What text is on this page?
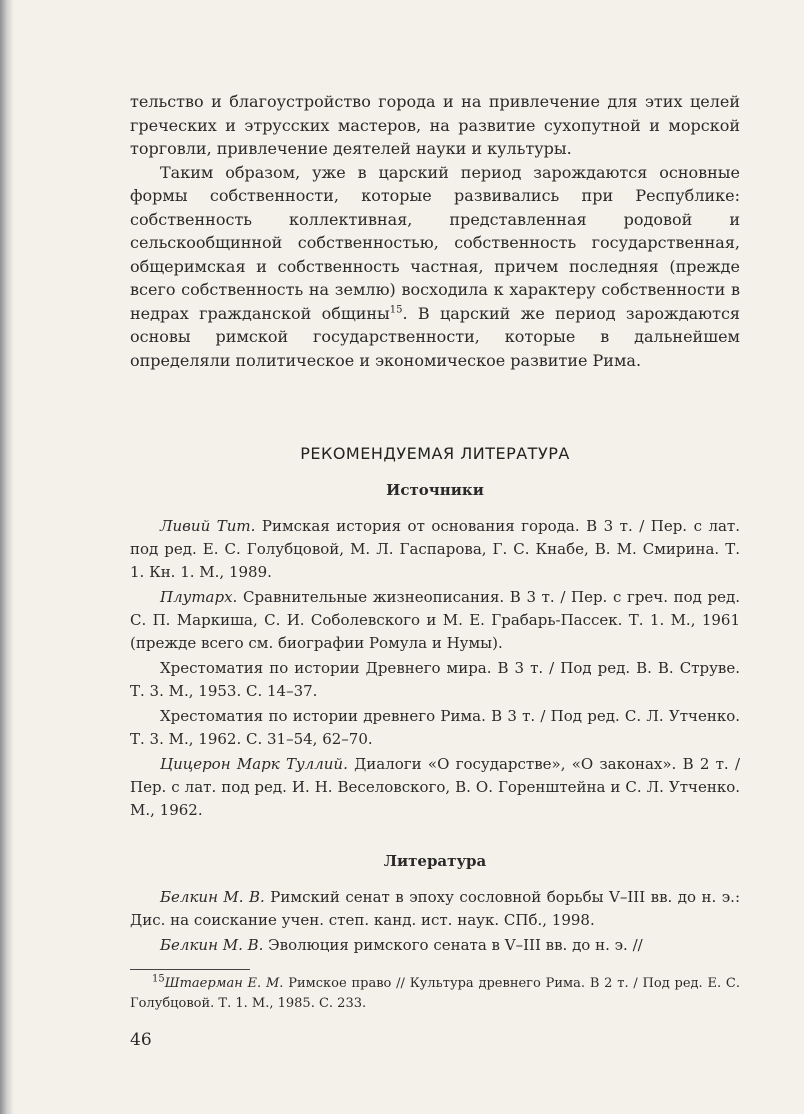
тельство и благоустройство города и на привлечение для этих целей греческих и этрусских мастеров, на развитие сухопутной и морской торговли, привлечение деятелей науки и культуры.

Таким образом, уже в царский период зарождаются основные формы собственности, которые развивались при Республике: собственность коллективная, представленная родовой и сельскообщинной собственностью, собственность государственная, общеримская и собственность частная, причем последняя (прежде всего собственность на землю) восходила к характеру собственности в недрах гражданской общины$^{15}$. В царский же период зарождаются основы римской государственности, которые в дальнейшем определяли политическое и экономическое развитие Рима.

РЕКОМЕНДУЕМАЯ ЛИТЕРАТУРА
Источники

Ливий Тит. Римская история от основания города. В 3 т. / Пер. с лат. под ред. Е. С. Голубцовой, М. Л. Гаспарова, Г. С. Кнабе, В. М. Смирина. Т. 1. Кн. 1. М., 1989.

Плутарх. Сравнительные жизнеописания. В 3 т. / Пер. с греч. под ред. С. П. Маркиша, С. И. Соболевского и М. Е. Грабарь-Пассек. Т. 1. М., 1961 (прежде всего см. биографии Ромула и Нумы).

Хрестоматия по истории Древнего мира. В 3 т. / Под ред. В. В. Струве. Т. 3. М., 1953. С. 14–37.

Хрестоматия по истории древнего Рима. В 3 т. / Под ред. С. Л. Утченко. Т. 3. М., 1962. С. 31–54, 62–70.

Цицерон Марк Туллий. Диалоги «О государстве», «О законах». В 2 т. / Пер. с лат. под ред. И. Н. Веселовского, В. О. Горенштейна и С. Л. Утченко. М., 1962.

Литература

Белкин М. В. Римский сенат в эпоху сословной борьбы V–III вв. до н. э.: Дис. на соискание учен. степ. канд. ист. наук. СПб., 1998.

Белкин М. В. Эволюция римского сената в V–III вв. до н. э. //

$^{15}$Штаерман Е. М. Римское право // Культура древнего Рима. В 2 т. / Под ред. Е. С. Голубцовой. Т. 1. М., 1985. С. 233.

46
